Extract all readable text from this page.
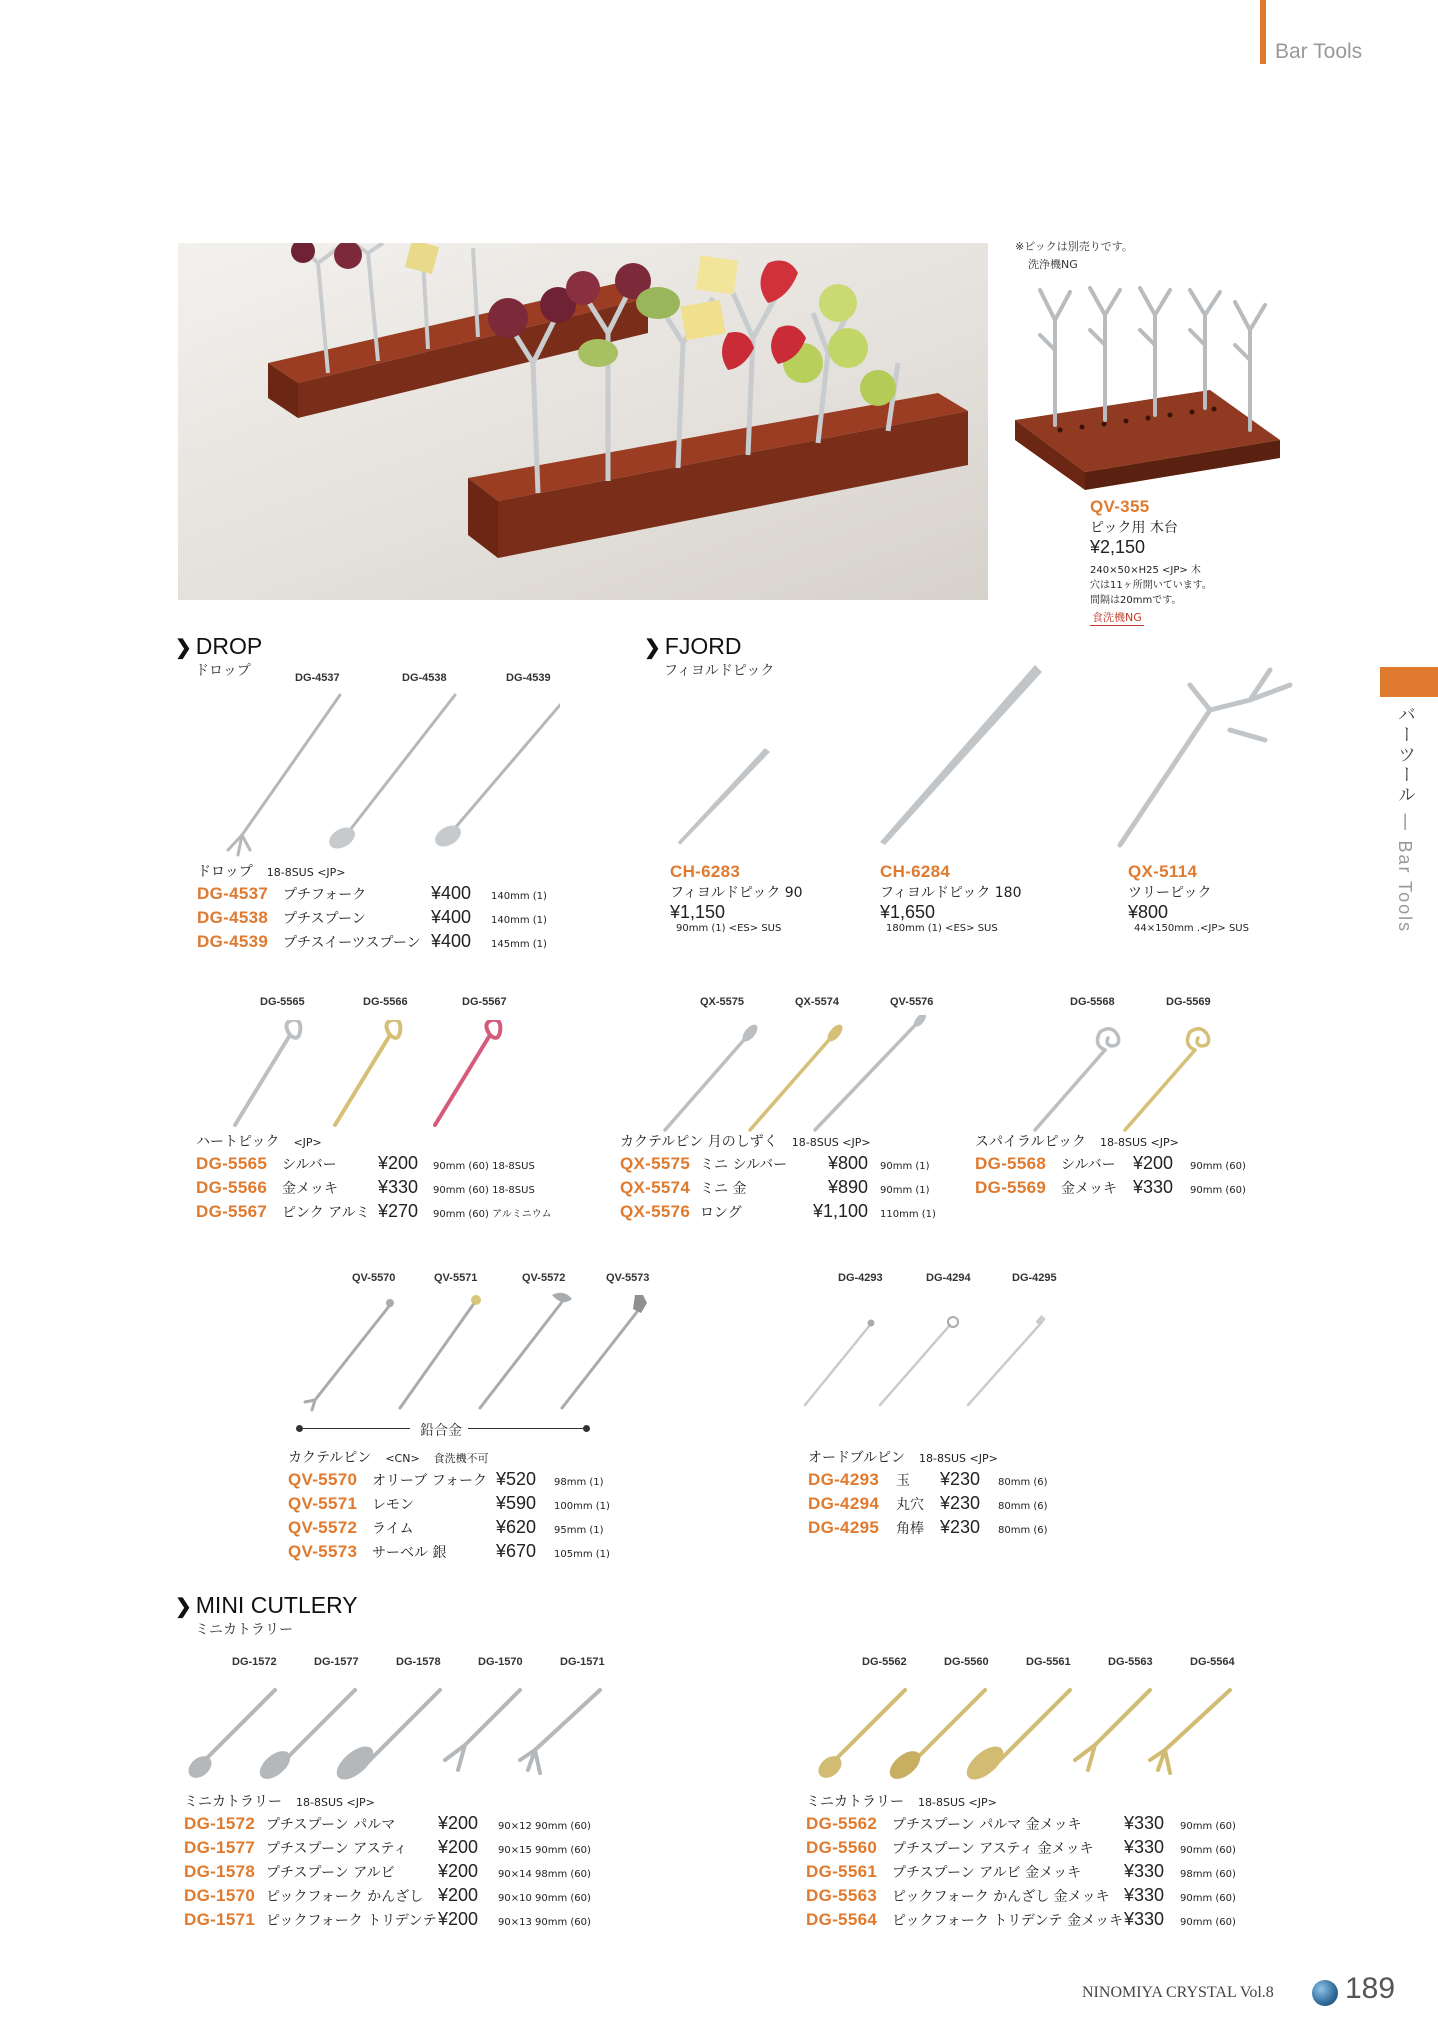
Bar Tools
バーツール — Bar Tools
※ピックは別売りです。
洗浄機NG
QV-355
ピック用 木台
¥2,150
240×50×H25 <JP> 木
穴は11ヶ所開いています。
間隔は20mmです。
食洗機NG
❯ DROP
ドロップ	DG-4537	DG-4538	DG-4539
ドロップ 18-8SUS <JP>
DG-4537	プチフォーク	¥400	140mm (1)
DG-4538	プチスプーン	¥400	140mm (1)
DG-4539	プチスイーツスプーン ¥400	145mm (1)
❯ FJORD
フィヨルドピック
CH-6283
フィヨルドピック 90
¥1,150
90mm (1) <ES> SUS
CH-6284
フィヨルドピック 180
¥1,650
180mm (1) <ES> SUS
QX-5114
ツリーピック
¥800
44×150mm .<JP> SUS
DG-5565	DG-5566	DG-5567
ハートピック <JP>
DG-5565	シルバー	¥200	90mm (60) 18-8SUS
DG-5566	金メッキ	¥330	90mm (60) 18-8SUS
DG-5567	ピンク アルミ ¥270	90mm (60) アルミニウム
QX-5575	QX-5574	QV-5576
カクテルピン 月のしずく 18-8SUS <JP>
QX-5575 ミニ シルバー	¥800 90mm (1)
QX-5574 ミニ 金	¥890 90mm (1)
QX-5576 ロング	¥1,100 110mm (1)
DG-5568	DG-5569
スパイラルピック 18-8SUS <JP>
DG-5568	シルバー ¥200	90mm (60)
DG-5569	金メッキ ¥330	90mm (60)
QV-5570	QV-5571	QV-5572	QV-5573
鉛合金
カクテルピン <CN> 食洗機不可
QV-5570	オリーブ フォーク ¥520	98mm (1)
QV-5571	レモン	¥590	100mm (1)
QV-5572	ライム	¥620	95mm (1)
QV-5573	サーベル 銀	¥670	105mm (1)
DG-4293	DG-4294	DG-4295
オードブルピン 18-8SUS <JP>
DG-4293	玉	¥230	80mm (6)
DG-4294	丸穴 ¥230	80mm (6)
DG-4295	角棒 ¥230	80mm (6)
❯ MINI CUTLERY
ミニカトラリー
DG-1572	DG-1577	DG-1578	DG-1570	DG-1571	DG-5562	DG-5560	DG-5561	DG-5563	DG-5564
ミニカトラリー 18-8SUS <JP>
DG-1572 プチスプーン パルマ	¥200	90×12 90mm (60)
DG-1577 プチスプーン アスティ	¥200	90×15 90mm (60)
DG-1578 プチスプーン アルビ	¥200	90×14 98mm (60)
DG-1570 ピックフォーク かんざし ¥200	90×10 90mm (60)
DG-1571 ピックフォーク トリデンテ ¥200	90×13 90mm (60)
ミニカトラリー 18-8SUS <JP>
DG-5562	プチスプーン パルマ 金メッキ	¥330	90mm (60)
DG-5560	プチスプーン アスティ 金メッキ	¥330	90mm (60)
DG-5561	プチスプーン アルビ 金メッキ	¥330	98mm (60)
DG-5563	ピックフォーク かんざし 金メッキ ¥330	90mm (60)
DG-5564	ピックフォーク トリデンテ 金メッキ ¥330	90mm (60)
NINOMIYA CRYSTAL Vol.8 189
